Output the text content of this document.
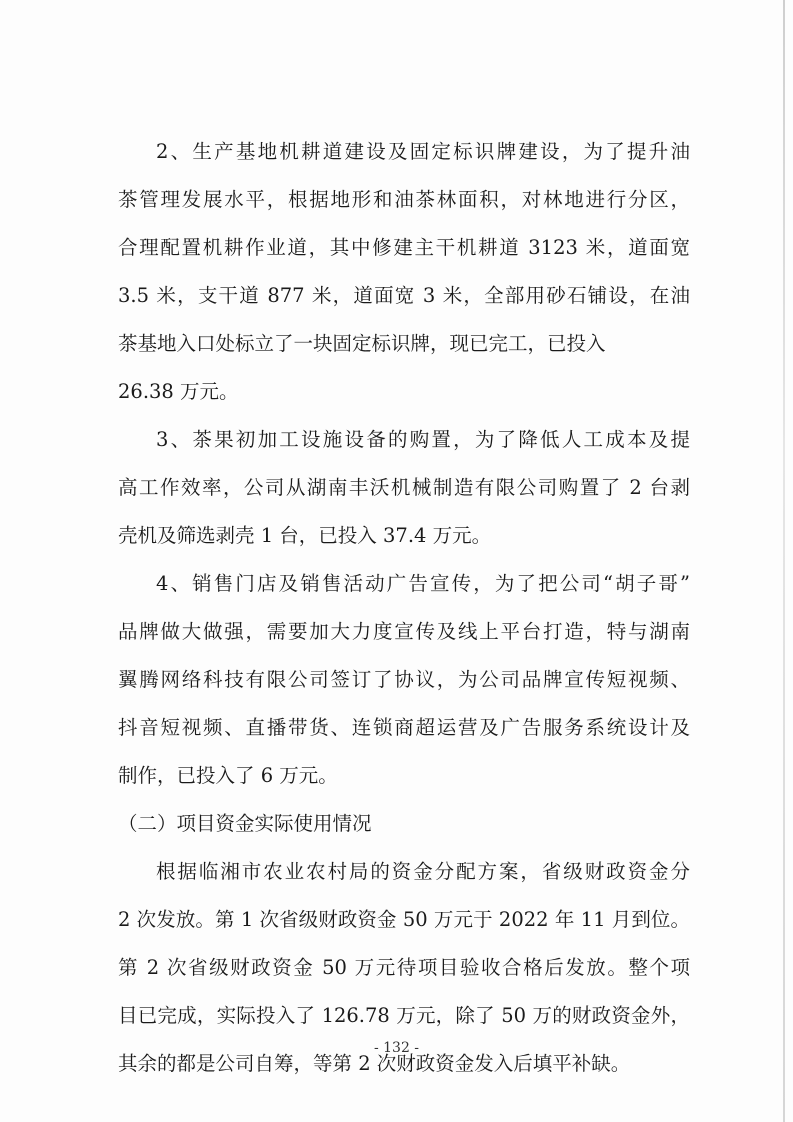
2、生产基地机耕道建设及固定标识牌建设，为了提升油
茶管理发展水平，根据地形和油茶林面积，对林地进行分区，
合理配置机耕作业道，其中修建主干机耕道 3123 米，道面宽
3.5 米，支干道 877 米，道面宽 3 米，全部用砂石铺设，在油
茶基地入口处标立了一块固定标识牌，现已完工，已投入
26.38 万元。
3、茶果初加工设施设备的购置，为了降低人工成本及提
高工作效率，公司从湖南丰沃机械制造有限公司购置了 2 台剥
壳机及筛选剥壳 1 台，已投入 37.4 万元。
4、销售门店及销售活动广告宣传，为了把公司“胡子哥”
品牌做大做强，需要加大力度宣传及线上平台打造，特与湖南
翼腾网络科技有限公司签订了协议，为公司品牌宣传短视频、
抖音短视频、直播带货、连锁商超运营及广告服务系统设计及
制作，已投入了 6 万元。
（二）项目资金实际使用情况
根据临湘市农业农村局的资金分配方案，省级财政资金分
2 次发放。第 1 次省级财政资金 50 万元于 2022 年 11 月到位。
第 2 次省级财政资金 50 万元待项目验收合格后发放。整个项
目已完成，实际投入了 126.78 万元，除了 50 万的财政资金外，
其余的都是公司自筹，等第 2 次财政资金发入后填平补缺。
- 132 -
